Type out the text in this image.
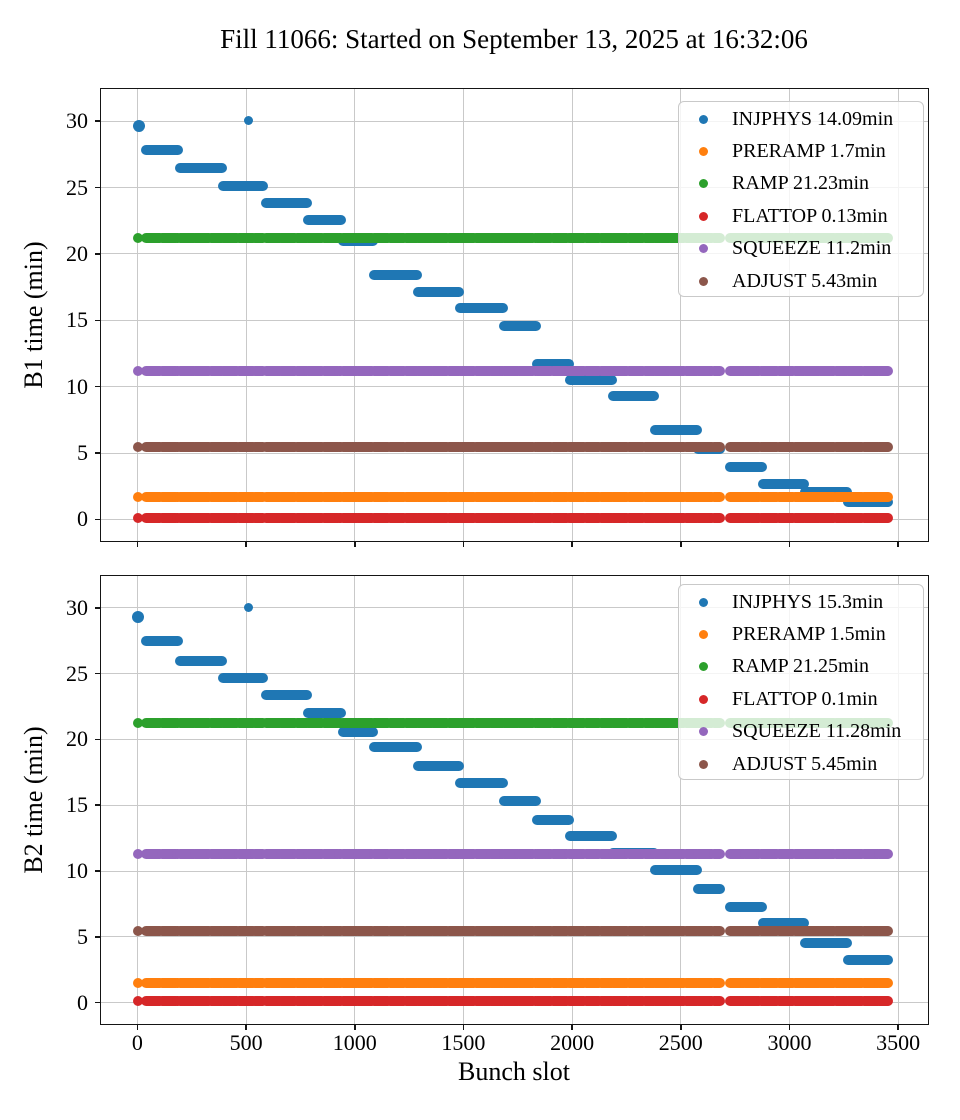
Fill 11066: Started on September 13, 2025 at 16:32:06
B1 time (min)
B2 time (min)
Bunch slot
0
5
10
15
20
25
30	INJPHYS 14.09min
PRERAMP 1.7min
RAMP 21.23min
FLATTOP 0.13min
SQUEEZE 11.2min
ADJUST 5.43min
0
5
10
15
20
25
30
0	500	1000	1500	2000	2500	3000	3500
INJPHYS 15.3min
PRERAMP 1.5min
RAMP 21.25min
FLATTOP 0.1min
SQUEEZE 11.28min
ADJUST 5.45min
